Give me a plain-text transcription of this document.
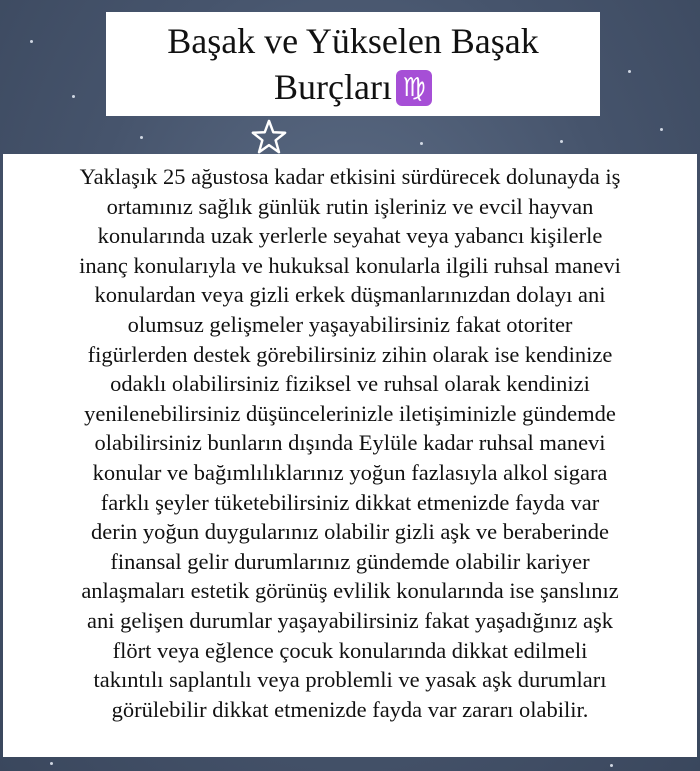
Başak ve Yükselen Başak
Burçları ♍
Yaklaşık 25 ağustosa kadar etkisini sürdürecek dolunayda iş
ortamınız sağlık günlük rutin işleriniz ve evcil hayvan
konularında uzak yerlerle seyahat veya yabancı kişilerle
inanç konularıyla ve hukuksal konularla ilgili ruhsal manevi
konulardan veya gizli erkek düşmanlarınızdan dolayı ani
olumsuz gelişmeler yaşayabilirsiniz fakat otoriter
figürlerden destek görebilirsiniz zihin olarak ise kendinize
odaklı olabilirsiniz fiziksel ve ruhsal olarak kendinizi
yenilenebilirsiniz düşüncelerinizle iletişiminizle gündemde
olabilirsiniz bunların dışında Eylüle kadar ruhsal manevi
konular ve bağımlılıklarınız yoğun fazlasıyla alkol sigara
farklı şeyler tüketebilirsiniz dikkat etmenizde fayda var
derin yoğun duygularınız olabilir gizli aşk ve beraberinde
finansal gelir durumlarınız gündemde olabilir kariyer
anlaşmaları estetik görünüş evlilik konularında ise şanslınız
ani gelişen durumlar yaşayabilirsiniz fakat yaşadığınız aşk
flört veya eğlence çocuk konularında dikkat edilmeli
takıntılı saplantılı veya problemli ve yasak aşk durumları
görülebilir dikkat etmenizde fayda var zararı olabilir.
